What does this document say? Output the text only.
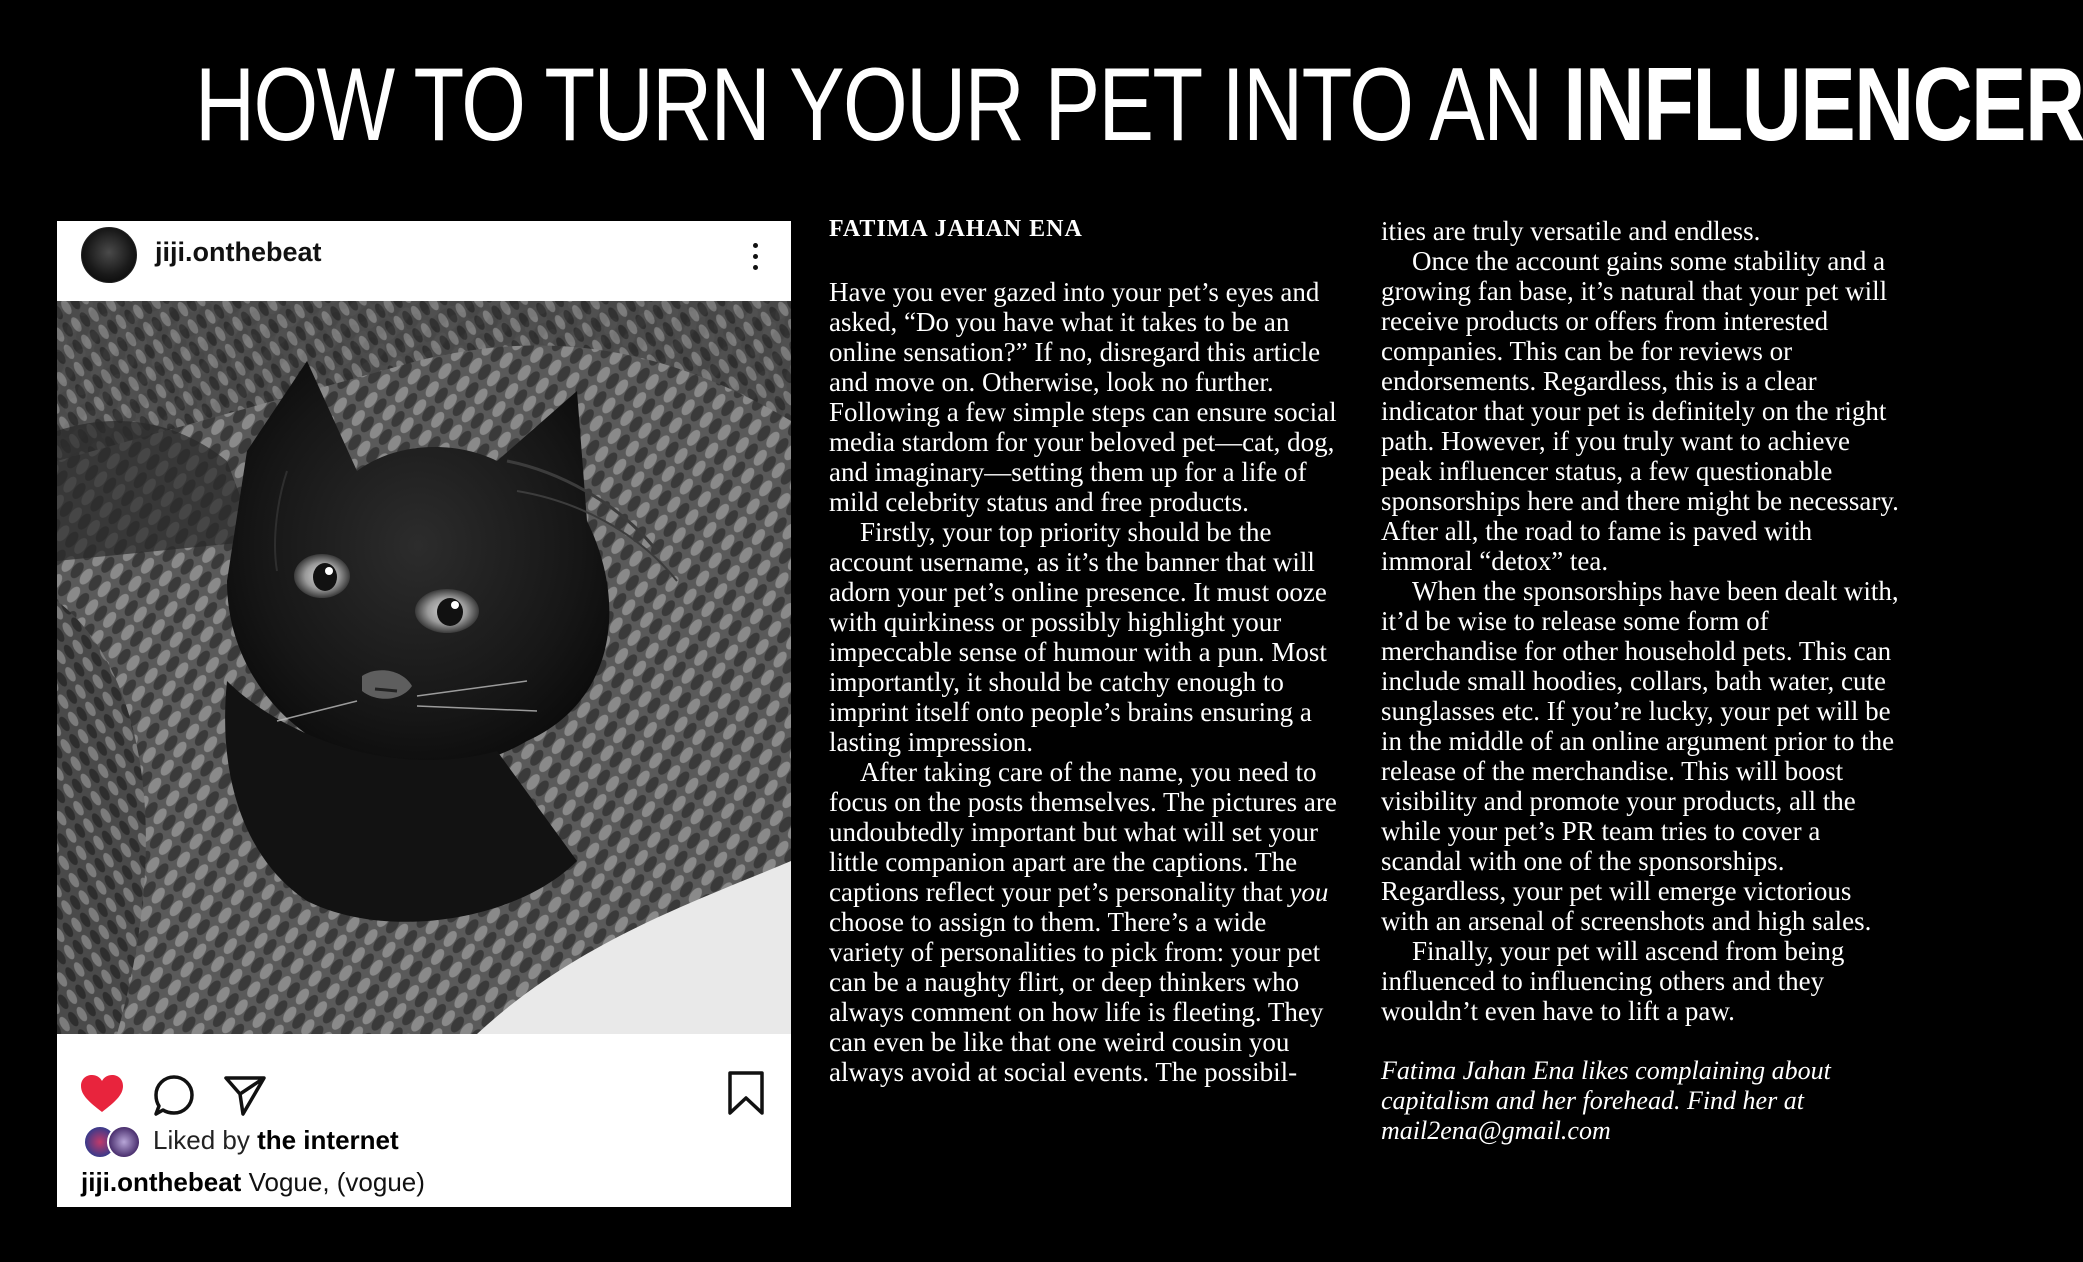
HOW TO TURN YOUR PET INTO AN INFLUENCER
jiji.onthebeat
Liked by the internet
jiji.onthebeat Vogue, (vogue)
FATIMA JAHAN ENA

Have you ever gazed into your pet’s eyes and asked, “Do you have what it takes to be an online sensation?” If no, disregard this article and move on. Otherwise, look no further. Following a few simple steps can ensure social media stardom for your beloved pet—cat, dog, and imaginary—setting them up for a life of mild celebrity status and free products.

Firstly, your top priority should be the account username, as it’s the banner that will adorn your pet’s online presence. It must ooze with quirkiness or possibly highlight your impeccable sense of humour with a pun. Most importantly, it should be catchy enough to imprint itself onto people’s brains ensuring a lasting impression.

After taking care of the name, you need to focus on the posts themselves. The pictures are undoubtedly important but what will set your little companion apart are the captions. The captions reflect your pet’s personality that you choose to assign to them. There’s a wide variety of personalities to pick from: your pet can be a naughty flirt, or deep thinkers who always comment on how life is fleeting. They can even be like that one weird cousin you always avoid at social events. The possibil-

ities are truly versatile and endless.

Once the account gains some stability and a growing fan base, it’s natural that your pet will receive products or offers from interested companies. This can be for reviews or endorsements. Regardless, this is a clear indicator that your pet is definitely on the right path. However, if you truly want to achieve peak influencer status, a few questionable sponsorships here and there might be necessary. After all, the road to fame is paved with immoral “detox” tea.

When the sponsorships have been dealt with, it’d be wise to release some form of merchandise for other household pets. This can include small hoodies, collars, bath water, cute sunglasses etc. If you’re lucky, your pet will be in the middle of an online argument prior to the release of the merchandise. This will boost visibility and promote your products, all the while your pet’s PR team tries to cover a scandal with one of the sponsorships. Regardless, your pet will emerge victorious with an arsenal of screenshots and high sales.

Finally, your pet will ascend from being influenced to influencing others and they wouldn’t even have to lift a paw.

Fatima Jahan Ena likes complaining about capitalism and her forehead. Find her at mail2ena@gmail.com
